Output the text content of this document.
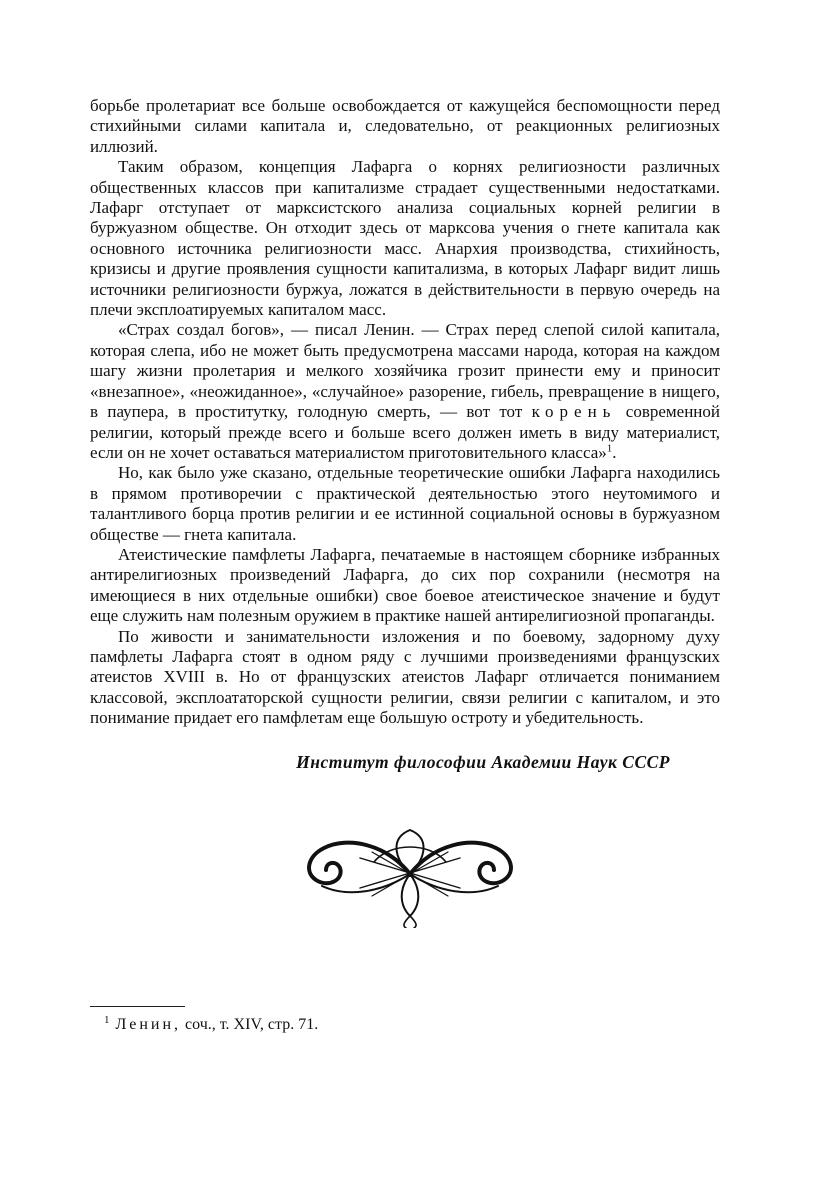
борьбе пролетариат все больше освобождается от кажущейся беспомощности перед стихийными силами капитала и, следовательно, от реакционных религиозных иллюзий.

Таким образом, концепция Лафарга о корнях религиозности различных общественных классов при капитализме страдает существенными недостатками. Лафарг отступает от марксистского анализа социальных корней религии в буржуазном обществе. Он отходит здесь от марксова учения о гнете капитала как основного источника религиозности масс. Анархия производства, стихийность, кризисы и другие проявления сущности капитализма, в которых Лафарг видит лишь источники религиозности буржуа, ложатся в действительности в первую очередь на плечи эксплоатируемых капиталом масс.

«Страх создал богов», — писал Ленин. — Страх перед слепой силой капитала, которая слепа, ибо не может быть предусмотрена массами народа, которая на каждом шагу жизни пролетария и мелкого хозяйчика грозит принести ему и приносит «внезапное», «неожиданное», «случайное» разорение, гибель, превращение в нищего, в паупера, в проститутку, голодную смерть, — вот тот корень современной религии, который прежде всего и больше всего должен иметь в виду материалист, если он не хочет оставаться материалистом приготовительного класса»$^1$.

Но, как было уже сказано, отдельные теоретические ошибки Лафарга находились в прямом противоречии с практической деятельностью этого неутомимого и талантливого борца против религии и ее истинной социальной основы в буржуазном обществе — гнета капитала.

Атеистические памфлеты Лафарга, печатаемые в настоящем сборнике избранных антирелигиозных произведений Лафарга, до сих пор сохранили (несмотря на имеющиеся в них отдельные ошибки) свое боевое атеистическое значение и будут еще служить нам полезным оружием в практике нашей антирелигиозной пропаганды.

По живости и занимательности изложения и по боевому, задорному духу памфлеты Лафарга стоят в одном ряду с лучшими произведениями французских атеистов XVIII в. Но от французских атеистов Лафарг отличается пониманием классовой, эксплоататорской сущности религии, связи религии с капиталом, и это понимание придает его памфлетам еще большую остроту и убедительность.

Институт философии Академии Наук СССР
$^1$ Ленин, соч., т. XIV, стр. 71.
